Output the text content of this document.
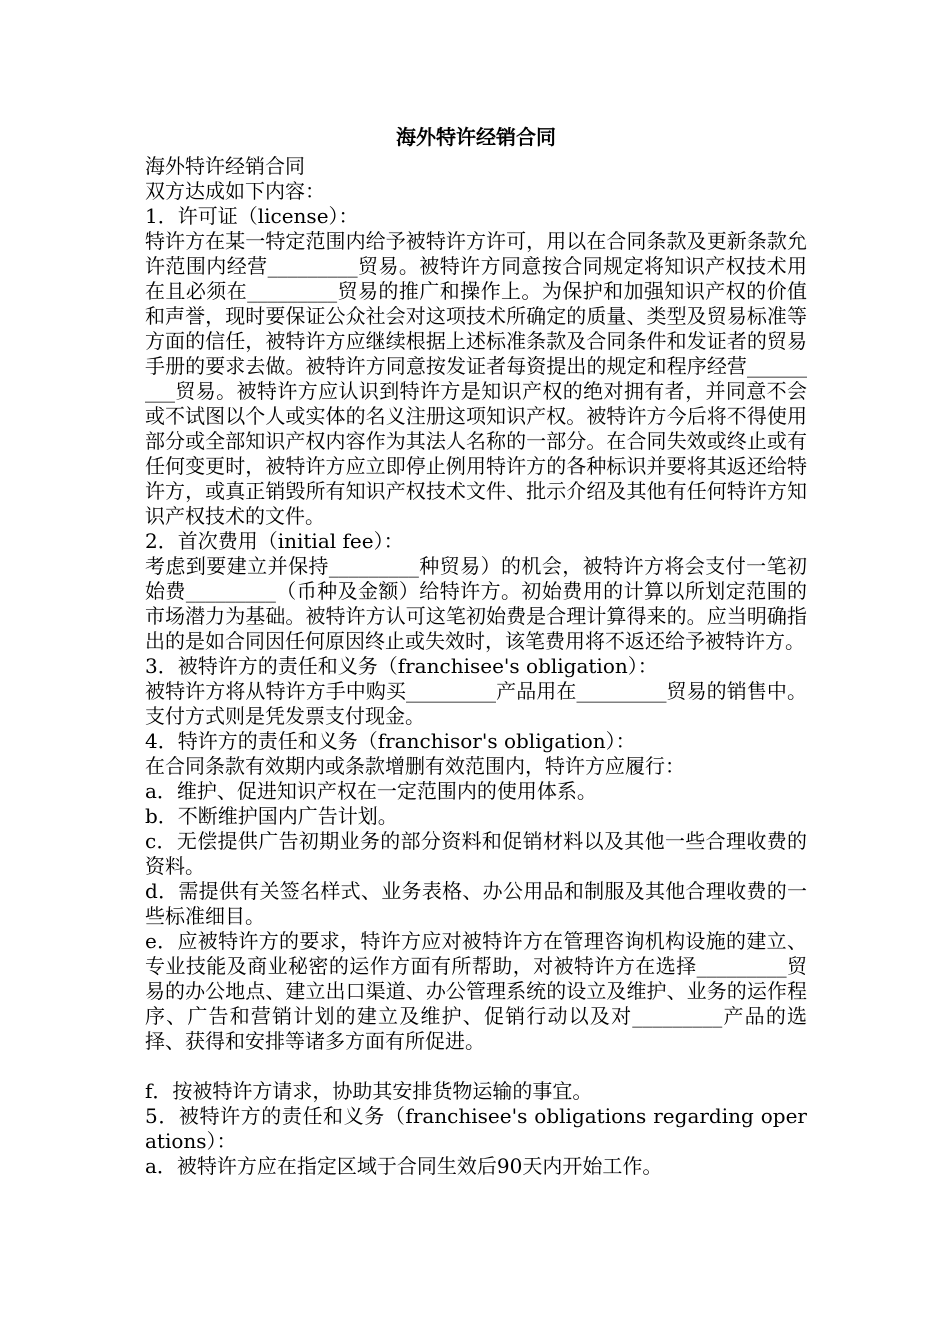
海外特许经销合同

海外特许经销合同

双方达成如下内容：

1．许可证（license）：

特许方在某一特定范围内给予被特许方许可，用以在合同条款及更新条款允许范围内经营_________贸易。被特许方同意按合同规定将知识产权技术用在且必须在_________贸易的推广和操作上。为保护和加强知识产权的价值和声誉，现时要保证公众社会对这项技术所确定的质量、类型及贸易标准等方面的信任，被特许方应继续根据上述标准条款及合同条件和发证者的贸易手册的要求去做。被特许方同意按发证者每资提出的规定和程序经营_________贸易。被特许方应认识到特许方是知识产权的绝对拥有者，并同意不会或不试图以个人或实体的名义注册这项知识产权。被特许方今后将不得使用部分或全部知识产权内容作为其法人名称的一部分。在合同失效或终止或有任何变更时，被特许方应立即停止例用特许方的各种标识并要将其返还给特许方，或真正销毁所有知识产权技术文件、批示介绍及其他有任何特许方知识产权技术的文件。

2．首次费用（initial fee）：

考虑到要建立并保持_________种贸易）的机会，被特许方将会支付一笔初始费_________（币种及金额）给特许方。初始费用的计算以所划定范围的市场潜力为基础。被特许方认可这笔初始费是合理计算得来的。应当明确指出的是如合同因任何原因终止或失效时，该笔费用将不返还给予被特许方。

3．被特许方的责任和义务（franchisee's obligation）：

被特许方将从特许方手中购买_________产品用在_________贸易的销售中。支付方式则是凭发票支付现金。

4．特许方的责任和义务（franchisor's obligation）：

在合同条款有效期内或条款增删有效范围内，特许方应履行：

a．维护、促进知识产权在一定范围内的使用体系。

b．不断维护国内广告计划。

c．无偿提供广告初期业务的部分资料和促销材料以及其他一些合理收费的资料。

d．需提供有关签名样式、业务表格、办公用品和制服及其他合理收费的一些标准细目。

e．应被特许方的要求，特许方应对被特许方在管理咨询机构设施的建立、专业技能及商业秘密的运作方面有所帮助，对被特许方在选择_________贸易的办公地点、建立出口渠道、办公管理系统的设立及维护、业务的运作程序、广告和营销计划的建立及维护、促销行动以及对_________产品的选择、获得和安排等诸多方面有所促进。

f．按被特许方请求，协助其安排货物运输的事宜。

5．被特许方的责任和义务（franchisee's obligations regarding operations）：

a．被特许方应在指定区域于合同生效后90天内开始工作。
